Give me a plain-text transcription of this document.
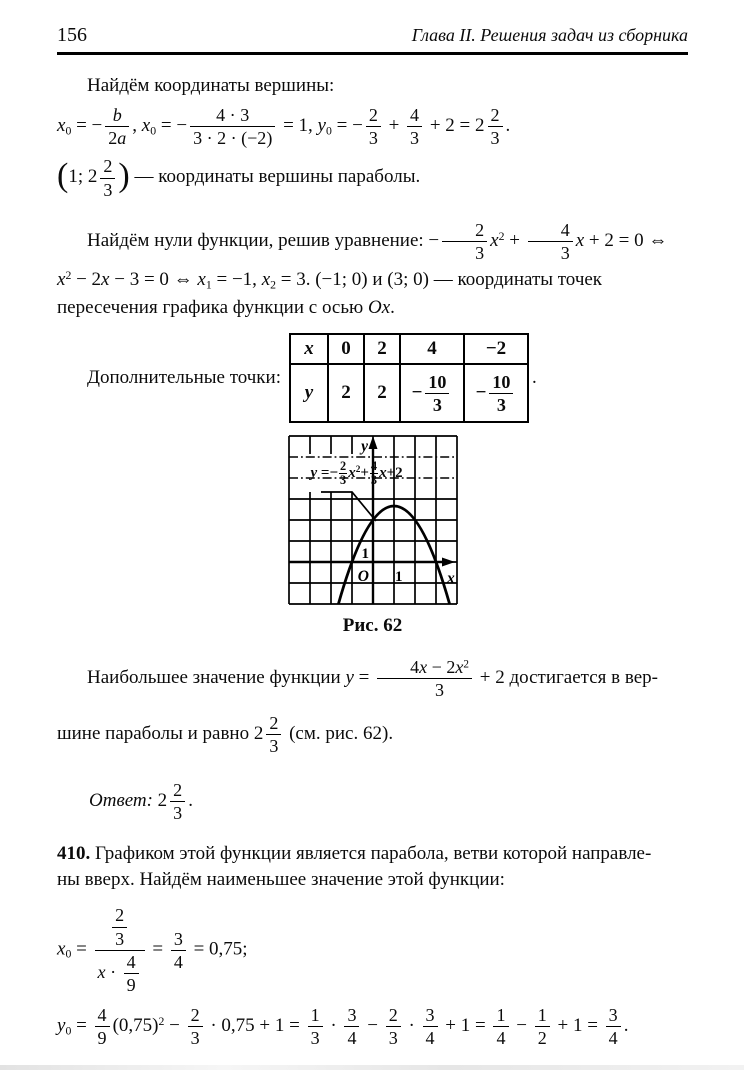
156	Глава II. Решения задач из сборника

Найдём координаты вершины:

x0 = − $\frac{b}{2a}$ , x0 = − $\frac{4 \cdot 3}{3 \cdot 2 \cdot (-2)} = 1$, y0 = − $\frac{2}{3} + \frac{4}{3} + 2 = 2 \frac{2}{3}$ .
(1; $2 \frac{2}{3}$ ) — координаты вершины параболы.
Найдём нули функции, решив уравнение: − $\frac{2}{3} x^2 + \frac{4}{3}$ x + 2 = 0 ⇔
$x^2 - 2x - 3 = 0$ ⇔ x1 = −1, x2 = 3. (−1; 0) и (3; 0) — координаты точек
пересечения графика функции с осью Ox.
Дополнительные точки:
x	0	2	4	−2
y	2	2	− $\frac{10}{3}$	− $\frac{10}{3}$ .
y
x
O
1
1
$y =- \frac{2}{3} x^2+ \frac{4}{3} x+2$
Рис. 62
Наибольшее значение функции $y = \frac{4x - 2x^2}{3} + 2$ достигается в вер-
шине параболы и равно $2 \frac{2}{3} (см$. рис. 62).
Ответ: $2 \frac{2}{3}$ .
410. Графиком этой функции является парабола, ветви которой направле-
ны вверх. Найдём наименьшее значение этой функции:
$x0 = \frac{\frac{2}{3}}{x \cdot \frac{4}{9}} = \frac{3}{4} = 0,75$;
$y0 = \frac{4}{9} (0,75)^2 - \frac{2}{3} \cdot 0,75 + 1 = \frac{1}{3} \cdot \frac{3}{4} - \frac{2}{3} \cdot \frac{3}{4} + 1 = \frac{1}{4} - \frac{1}{2} + 1 = \frac{3}{4}$ .
